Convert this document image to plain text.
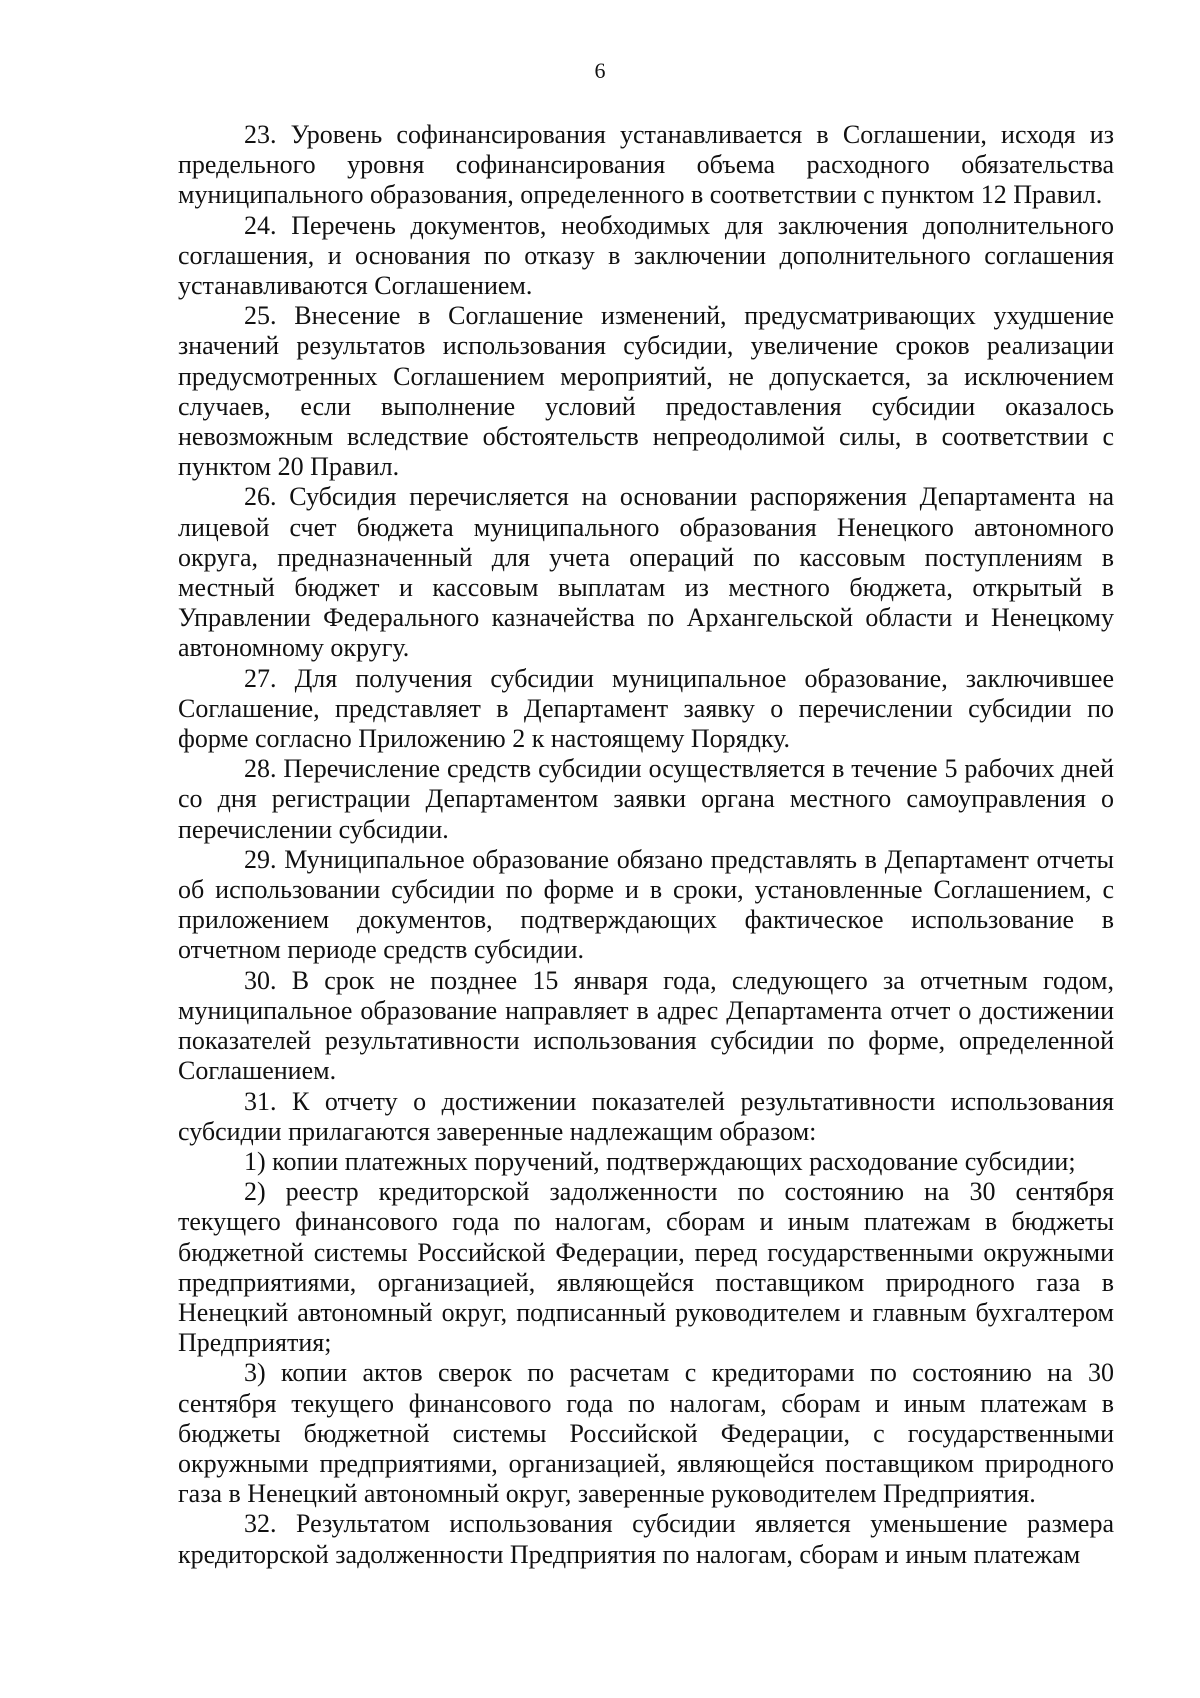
6

23. Уровень софинансирования устанавливается в Соглашении, исходя из предельного уровня софинансирования объема расходного обязательства муниципального образования, определенного в соответствии с пунктом 12 Правил.

24. Перечень документов, необходимых для заключения дополнительного соглашения, и основания по отказу в заключении дополнительного соглашения устанавливаются Соглашением.

25. Внесение в Соглашение изменений, предусматривающих ухудшение значений результатов использования субсидии, увеличение сроков реализации предусмотренных Соглашением мероприятий, не допускается, за исключением случаев, если выполнение условий предоставления субсидии оказалось невозможным вследствие обстоятельств непреодолимой силы, в соответствии с пунктом 20 Правил.

26. Субсидия перечисляется на основании распоряжения Департамента на лицевой счет бюджета муниципального образования Ненецкого автономного округа, предназначенный для учета операций по кассовым поступлениям в местный бюджет и кассовым выплатам из местного бюджета, открытый в Управлении Федерального казначейства по Архангельской области и Ненецкому автономному округу.

27. Для получения субсидии муниципальное образование, заключившее Соглашение, представляет в Департамент заявку о перечислении субсидии по форме согласно Приложению 2 к настоящему Порядку.

28. Перечисление средств субсидии осуществляется в течение 5 рабочих дней со дня регистрации Департаментом заявки органа местного самоуправления о перечислении субсидии.

29. Муниципальное образование обязано представлять в Департамент отчеты об использовании субсидии по форме и в сроки, установленные Соглашением, с приложением документов, подтверждающих фактическое использование в отчетном периоде средств субсидии.

30. В срок не позднее 15 января года, следующего за отчетным годом, муниципальное образование направляет в адрес Департамента отчет о достижении показателей результативности использования субсидии по форме, определенной Соглашением.

31. К отчету о достижении показателей результативности использования субсидии прилагаются заверенные надлежащим образом:

1) копии платежных поручений, подтверждающих расходование субсидии;

2) реестр кредиторской задолженности по состоянию на 30 сентября текущего финансового года по налогам, сборам и иным платежам в бюджеты бюджетной системы Российской Федерации, перед государственными окружными предприятиями, организацией, являющейся поставщиком природного газа в Ненецкий автономный округ, подписанный руководителем и главным бухгалтером Предприятия;

3) копии актов сверок по расчетам с кредиторами по состоянию на 30 сентября текущего финансового года по налогам, сборам и иным платежам в бюджеты бюджетной системы Российской Федерации, с государственными окружными предприятиями, организацией, являющейся поставщиком природного газа в Ненецкий автономный округ, заверенные руководителем Предприятия.

32. Результатом использования субсидии является уменьшение размера кредиторской задолженности Предприятия по налогам, сборам и иным платежам
